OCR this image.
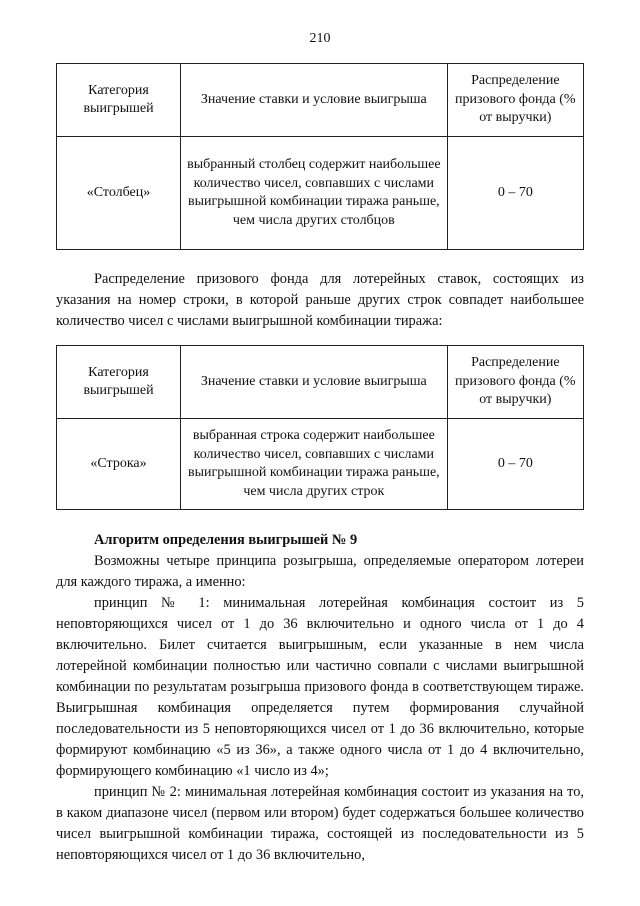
210
Категория выигрышей	Значение ставки и условие выигрыша	Распределение призового фонда (% от выручки)
«Столбец»	выбранный столбец содержит наибольшее количество чисел, совпавших с числами выигрышной комбинации тиража раньше, чем числа других столбцов	0 – 70

Распределение призового фонда для лотерейных ставок, состоящих из указания на номер строки, в которой раньше других строк совпадет наибольшее количество чисел с числами выигрышной комбинации тиража:

Категория выигрышей	Значение ставки и условие выигрыша	Распределение призового фонда (% от выручки)
«Строка»	выбранная строка содержит наибольшее количество чисел, совпавших с числами выигрышной комбинации тиража раньше, чем числа других строк	0 – 70

Алгоритм определения выигрышей № 9

Возможны четыре принципа розыгрыша, определяемые оператором лотереи для каждого тиража, а именно:

принцип № 1: минимальная лотерейная комбинация состоит из 5 неповторяющихся чисел от 1 до 36 включительно и одного числа от 1 до 4 включительно. Билет считается выигрышным, если указанные в нем числа лотерейной комбинации полностью или частично совпали с числами выигрышной комбинации по результатам розыгрыша призового фонда в соответствующем тираже. Выигрышная комбинация определяется путем формирования случайной последовательности из 5 неповторяющихся чисел от 1 до 36 включительно, которые формируют комбинацию «5 из 36», а также одного числа от 1 до 4 включительно, формирующего комбинацию «1 число из 4»;

принцип № 2: минимальная лотерейная комбинация состоит из указания на то, в каком диапазоне чисел (первом или втором) будет содержаться большее количество чисел выигрышной комбинации тиража, состоящей из последовательности из 5 неповторяющихся чисел от 1 до 36 включительно,
